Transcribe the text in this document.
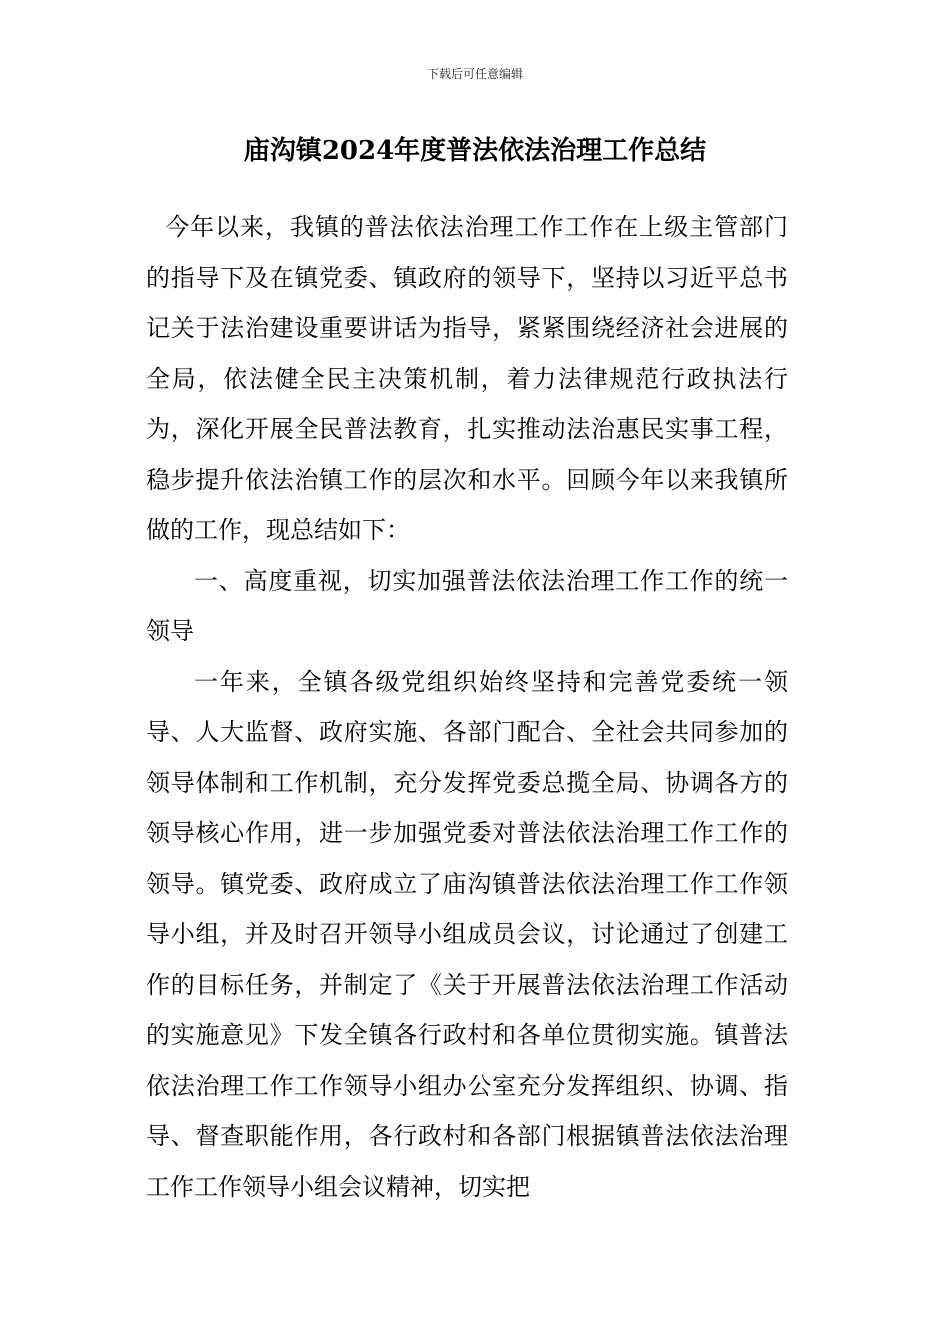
下载后可任意编辑
庙沟镇2024年度普法依法治理工作总结

今年以来，我镇的普法依法治理工作工作在上级主管部门的指导下及在镇党委、镇政府的领导下，坚持以习近平总书记关于法治建设重要讲话为指导，紧紧围绕经济社会进展的全局，依法健全民主决策机制，着力法律规范行政执法行为，深化开展全民普法教育，扎实推动法治惠民实事工程，稳步提升依法治镇工作的层次和水平。回顾今年以来我镇所做的工作，现总结如下：

一、高度重视，切实加强普法依法治理工作工作的统一领导

一年来，全镇各级党组织始终坚持和完善党委统一领导、人大监督、政府实施、各部门配合、全社会共同参加的领导体制和工作机制，充分发挥党委总揽全局、协调各方的领导核心作用，进一步加强党委对普法依法治理工作工作的领导。镇党委、政府成立了庙沟镇普法依法治理工作工作领导小组，并及时召开领导小组成员会议，讨论通过了创建工作的目标任务，并制定了《关于开展普法依法治理工作活动的实施意见》下发全镇各行政村和各单位贯彻实施。镇普法依法治理工作工作领导小组办公室充分发挥组织、协调、指导、督查职能作用，各行政村和各部门根据镇普法依法治理工作工作领导小组会议精神，切实把
